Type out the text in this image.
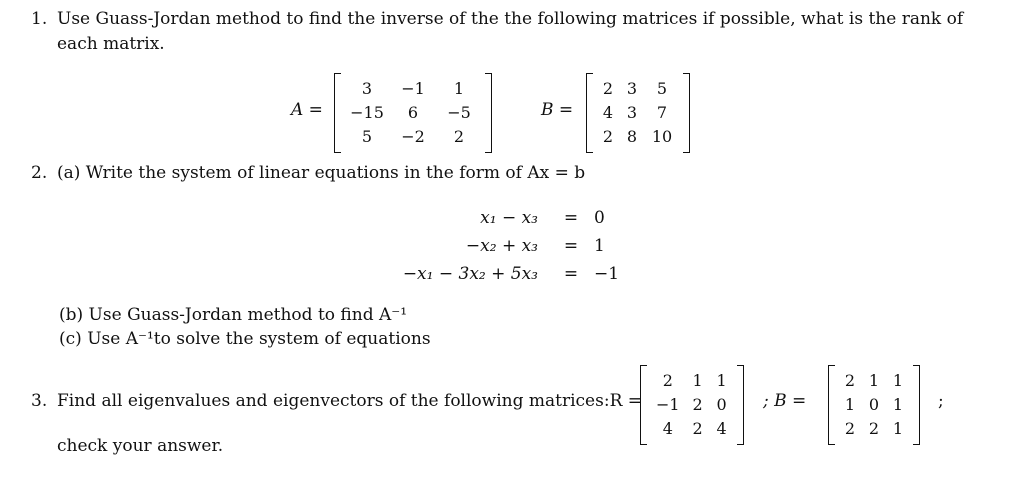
1. Use Guass-Jordan method to find the inverse of the the following matrices if possible, what is the rank of
each matrix.
A =
3	−1	1
−15	6	−5
5	−2	2
B =
2	3	5
4	3	7
2	8	10
2. (a) Write the system of linear equations in the form of Ax = b
x₁ − x₃	=	0
−x₂ + x₃	=	1
−x₁ − 3x₂ + 5x₃	=	−1
(b) Use Guass-Jordan method to find A⁻¹
(c) Use A⁻¹to solve the system of equations
3. Find all eigenvalues and eigenvectors of the following matrices:R =
2	1	1
−1	2	0
4	2	4
; B =
2	1	1
1	0	1
2	2	1
;
check your answer.
